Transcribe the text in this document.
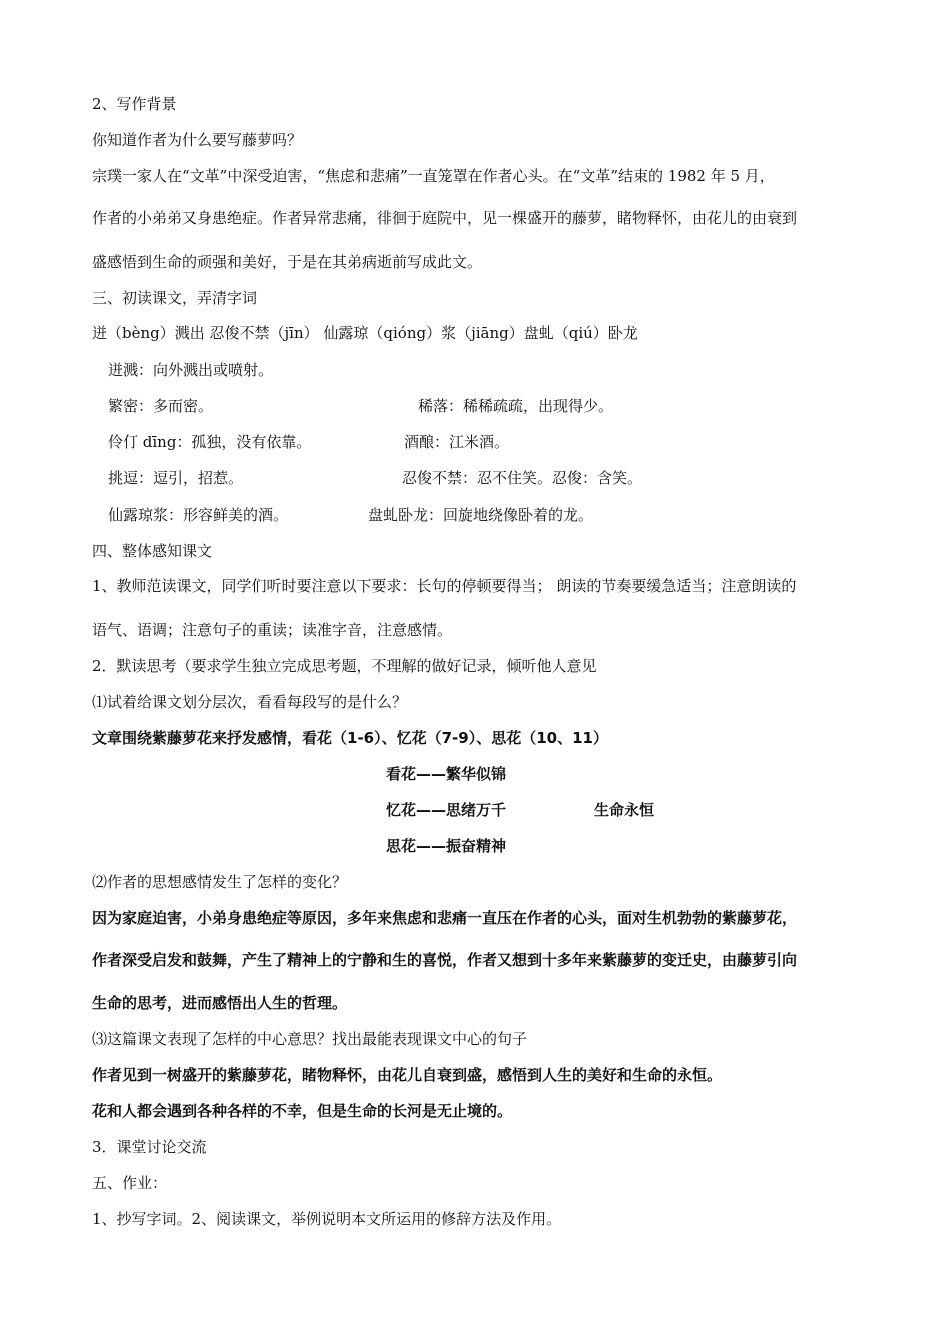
2、写作背景
你知道作者为什么要写藤萝吗？
宗璞一家人在“文革”中深受迫害，“焦虑和悲痛”一直笼罩在作者心头。在“文革”结束的 1982 年 5 月，
作者的小弟弟又身患绝症。作者异常悲痛，徘徊于庭院中，见一棵盛开的藤萝，睹物释怀，由花儿的由衰到
盛感悟到生命的顽强和美好，于是在其弟病逝前写成此文。
三、初读课文，弄清字词
迸（bèng）溅出 忍俊不禁（jīn） 仙露琼（qióng）浆（jiāng）盘虬（qiú）卧龙
迸溅：向外溅出或喷射。
繁密：多而密。	稀落：稀稀疏疏，出现得少。
伶仃 dīng：孤独，没有依靠。	酒酿：江米酒。
挑逗：逗引，招惹。	忍俊不禁：忍不住笑。忍俊：含笑。
仙露琼浆：形容鲜美的酒。	盘虬卧龙：回旋地绕像卧着的龙。
四、整体感知课文
1、教师范读课文，同学们听时要注意以下要求：长句的停顿要得当； 朗读的节奏要缓急适当；注意朗读的
语气、语调；注意句子的重读；读准字音，注意感情。
2．默读思考（要求学生独立完成思考题，不理解的做好记录，倾听他人意见
⑴试着给课文划分层次，看看每段写的是什么？
文章围绕紫藤萝花来抒发感情，看花（1-6）、忆花（7-9）、思花（10、11）
看花——繁华似锦
忆花——思绪万千	生命永恒
思花——振奋精神
⑵作者的思想感情发生了怎样的变化？
因为家庭迫害，小弟身患绝症等原因，多年来焦虑和悲痛一直压在作者的心头，面对生机勃勃的紫藤萝花，
作者深受启发和鼓舞，产生了精神上的宁静和生的喜悦，作者又想到十多年来紫藤萝的变迁史，由藤萝引向
生命的思考，进而感悟出人生的哲理。
⑶这篇课文表现了怎样的中心意思？找出最能表现课文中心的句子
作者见到一树盛开的紫藤萝花，睹物释怀，由花儿自衰到盛，感悟到人生的美好和生命的永恒。
花和人都会遇到各种各样的不幸，但是生命的长河是无止境的。
3．课堂讨论交流
五、作业：
1、抄写字词。2、阅读课文，举例说明本文所运用的修辞方法及作用。
